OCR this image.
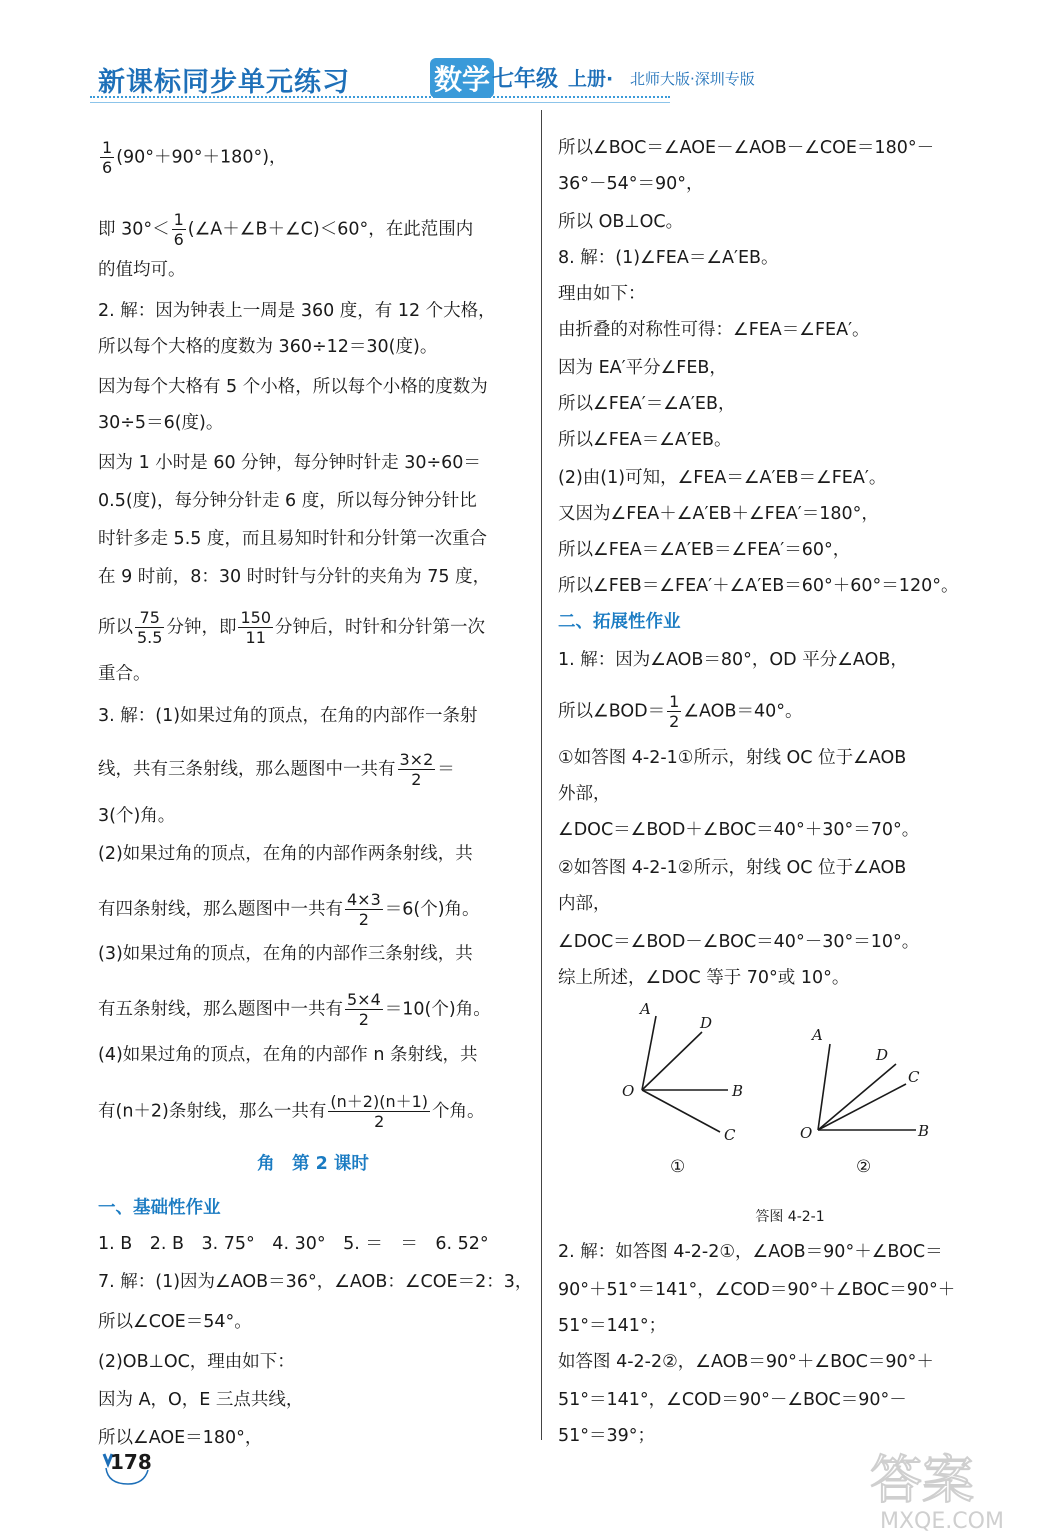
新课标同步单元练习	数学 七年级 上册· 北师大版·深圳专版
$\frac{1}{6} (90^\circ+90^\circ+180^\circ)$，
即 $30^\circ< \frac{1}{6}$ (∠A＋∠B＋∠C)＜60°，在此范围内
的值均可。
2. 解：因为钟表上一周是 360 度，有 12 个大格，
所以每个大格的度数为 360÷12＝30(度)。
因为每个大格有 5 个小格，所以每个小格的度数为
30÷5＝6(度)。
因为 1 小时是 60 分钟，每分钟时针走 30÷60＝
0.5(度)，每分钟分针走 6 度，所以每分钟分针比
时针多走 5.5 度，而且易知时针和分针第一次重合
在 9 时前，8：30 时时针与分针的夹角为 75 度，
所以 $\frac{75}{5.5}$ 分钟，即 $\frac{150}{11}$ 分钟后，时针和分针第一次
重合。
3. 解：(1)如果过角的顶点，在角的内部作一条射
线，共有三条射线，那么题图中一共有 $\frac{3\times 2}{2}$ ＝
3(个)角。
(2)如果过角的顶点，在角的内部作两条射线，共
有四条射线，那么题图中一共有 $\frac{4\times 3}{2} =6$(个)角。
(3)如果过角的顶点，在角的内部作三条射线，共
有五条射线，那么题图中一共有 $\frac{5\times 4}{2} =10$(个)角。
(4)如果过角的顶点，在角的内部作 n 条射线，共
有(n＋2)条射线，那么一共有 $\frac{(n+2)(n+1)}{2}$ 个角。
角　第 2 课时
一、基础性作业
1. B　2. B　3. 75°　4. 30°　5. ＝　＝　6. 52°
7. 解：(1)因为∠AOB＝36°，∠AOB：∠COE＝2：3，
所以∠COE＝54°。
(2)OB⊥OC，理由如下：
因为 A，O，E 三点共线，
所以∠AOE＝180°，
所以∠BOC＝∠AOE－∠AOB－∠COE＝180°－
36°－54°＝90°，
所以 OB⊥OC。
8. 解：(1)∠FEA＝∠A′EB。
理由如下：
由折叠的对称性可得：∠FEA＝∠FEA′。
因为 EA′平分∠FEB，
所以∠FEA′＝∠A′EB，
所以∠FEA＝∠A′EB。
(2)由(1)可知，∠FEA＝∠A′EB＝∠FEA′。
又因为∠FEA＋∠A′EB＋∠FEA′＝180°，
所以∠FEA＝∠A′EB＝∠FEA′＝60°，
所以∠FEB＝∠FEA′＋∠A′EB＝60°＋60°＝120°。
二、拓展性作业
1. 解：因为∠AOB＝80°，OD 平分∠AOB，
所以∠BOD＝ $\frac{1}{2}$ ∠AOB＝40°。
①如答图 4-2-1①所示，射线 OC 位于∠AOB
外部，
∠DOC＝∠BOD＋∠BOC＝40°＋30°＝70°。
②如答图 4-2-1②所示，射线 OC 位于∠AOB
内部，
∠DOC＝∠BOD－∠BOC＝40°－30°＝10°。
综上所述，∠DOC 等于 70°或 10°。
2. 解：如答图 4-2-2①，∠AOB＝90°＋∠BOC＝
90°＋51°＝141°，∠COD＝90°＋∠BOC＝90°＋
51°＝141°；
如答图 4-2-2②，∠AOB＝90°＋∠BOC＝90°＋
51°＝141°，∠COD＝90°－∠BOC＝90°－
51°＝39°；
A
D
O	B
C
A
D
C
O	B
①	②
答图 4-2-1
178	答案
MXQE.COM
